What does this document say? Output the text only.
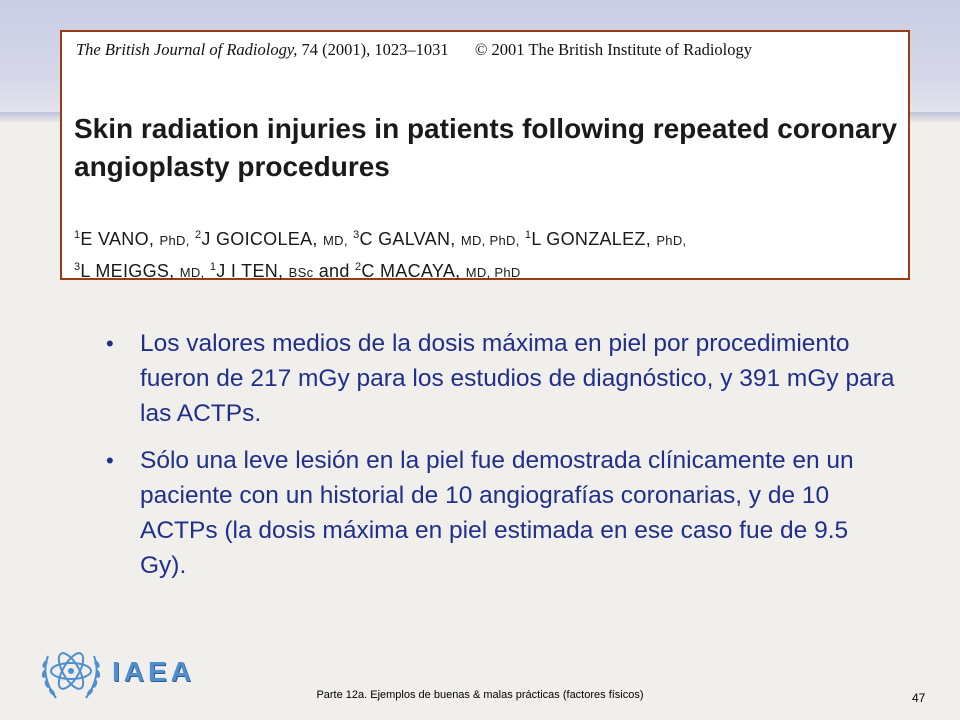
The British Journal of Radiology, 74 (2001), 1023–1031 © 2001 The British Institute of Radiology
Skin radiation injuries in patients following repeated coronary angioplasty procedures
$^1$E VANO, PhD, $^2$J GOICOLEA, MD, $^3$C GALVAN, MD, PhD, $^1$L GONZALEZ, PhD,
$^3$L MEIGGS, MD, $^1$J I TEN, BSc and $^2$C MACAYA, MD, PhD
• Los valores medios de la dosis máxima en piel por procedimiento fueron de 217 mGy para los estudios de diagnóstico, y 391 mGy para las ACTPs.
• Sólo una leve lesión en la piel fue demostrada clínicamente en un paciente con un historial de 10 angiografías coronarias, y de 10 ACTPs (la dosis máxima en piel estimada en ese caso fue de 9.5 Gy).
IAEA
Parte 12a. Ejemplos de buenas & malas prácticas (factores físicos)	47
